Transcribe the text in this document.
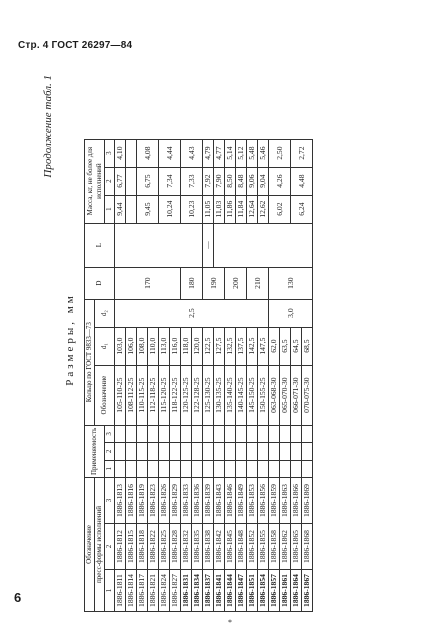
Стр. 4 ГОСТ 26297—84
Продолжение табл. 1
Размеры, мм
Обозначение			Применяемость			Кольцо по ГОСТ 9833—73			D	L	Масса, кг, не более для исполнений		
пресс-формы исполнений						Обозначение	d₁	d₂					
1	2	3	1	2	3						1	2	3
1886-1811	1886-1812	1886-1813				105-110-25	103,0	2,5	170		9,44	6,77	4,10
1886-1814	1886-1815	1886-1816				108-112-25	106,0						
1886-1817	1886-1818	1886-1819				110-115-25	108,0				9,45	6,75	4,08
1886-1821	1886-1822	1886-1823				112-118-25	110,0						
1886-1824	1886-1825	1886-1826				115-120-25	113,0				10,24	7,34	4,44
1886-1827	1886-1828	1886-1829				118-122-25	116,0						
1886-1831	1886-1832	1886-1833				120-125-25	118,0		180		10,23	7,33	4,43
1886-1834	1886-1835	1886-1836				122-128-25	120,0						
1886-1837	1886-1838	1886-1839				125-130-25	122,5		190	—	11,05	7,92	4,79
1886-1841	1886-1842	1886-1843				130-135-25	127,5				11,03	7,90	4,77
1886-1844	1886-1845	1886-1846				135-140-25	132,5		200		11,86	8,50	5,14
1886-1847	1886-1848	1886-1849				140-145-25	137,5				11,84	8,48	5,12
1886-1851	1886-1852	1886-1853				145-150-25	142,5		210		12,64	9,06	5,48
1886-1854	1886-1855	1886-1856				150-155-25	147,5				12,62	9,04	5,46
1886-1857	1886-1858	1886-1859				063-068-30	62,0	3,0	130		6,02	4,26	2,50
1886-1861	1886-1862	1886-1863				065-070-30	63,5						
1886-1864	1886-1865	1886-1866				066-071-30	64,5				6,24	4,48	2,72
1886-1867	1886-1868	1886-1869				070-075-30	68,5						
6
*
